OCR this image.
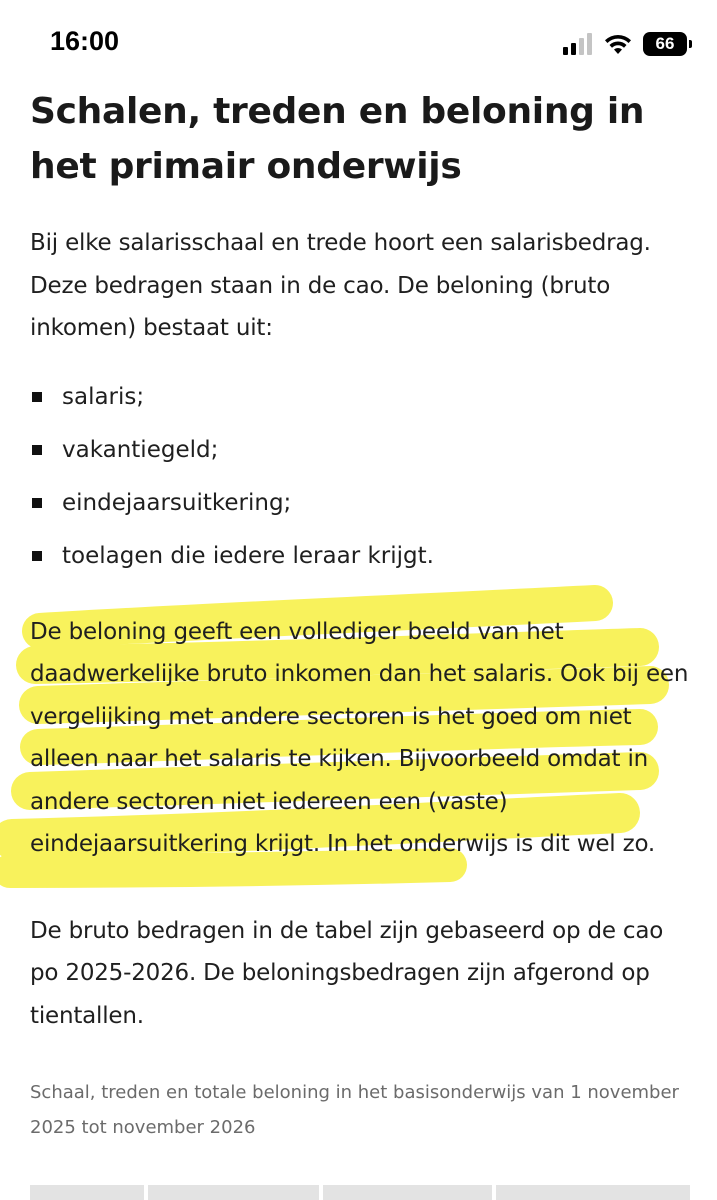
16:00	66
Schalen, treden en beloning in het primair onderwijs

Bij elke salarisschaal en trede hoort een salarisbedrag. Deze bedragen staan in de cao. De beloning (bruto inkomen) bestaat uit:

salaris;
vakantiegeld;
eindejaarsuitkering;
toelagen die iedere leraar krijgt.

De beloning geeft een vollediger beeld van het daadwerkelijke bruto inkomen dan het salaris. Ook bij een vergelijking met andere sectoren is het goed om niet alleen naar het salaris te kijken. Bijvoorbeeld omdat in andere sectoren niet iedereen een (vaste) eindejaarsuitkering krijgt. In het onderwijs is dit wel zo.

De bruto bedragen in de tabel zijn gebaseerd op de cao po 2025-2026. De beloningsbedragen zijn afgerond op tientallen.

Schaal, treden en totale beloning in het basisonderwijs van 1 november 2025 tot november 2026
